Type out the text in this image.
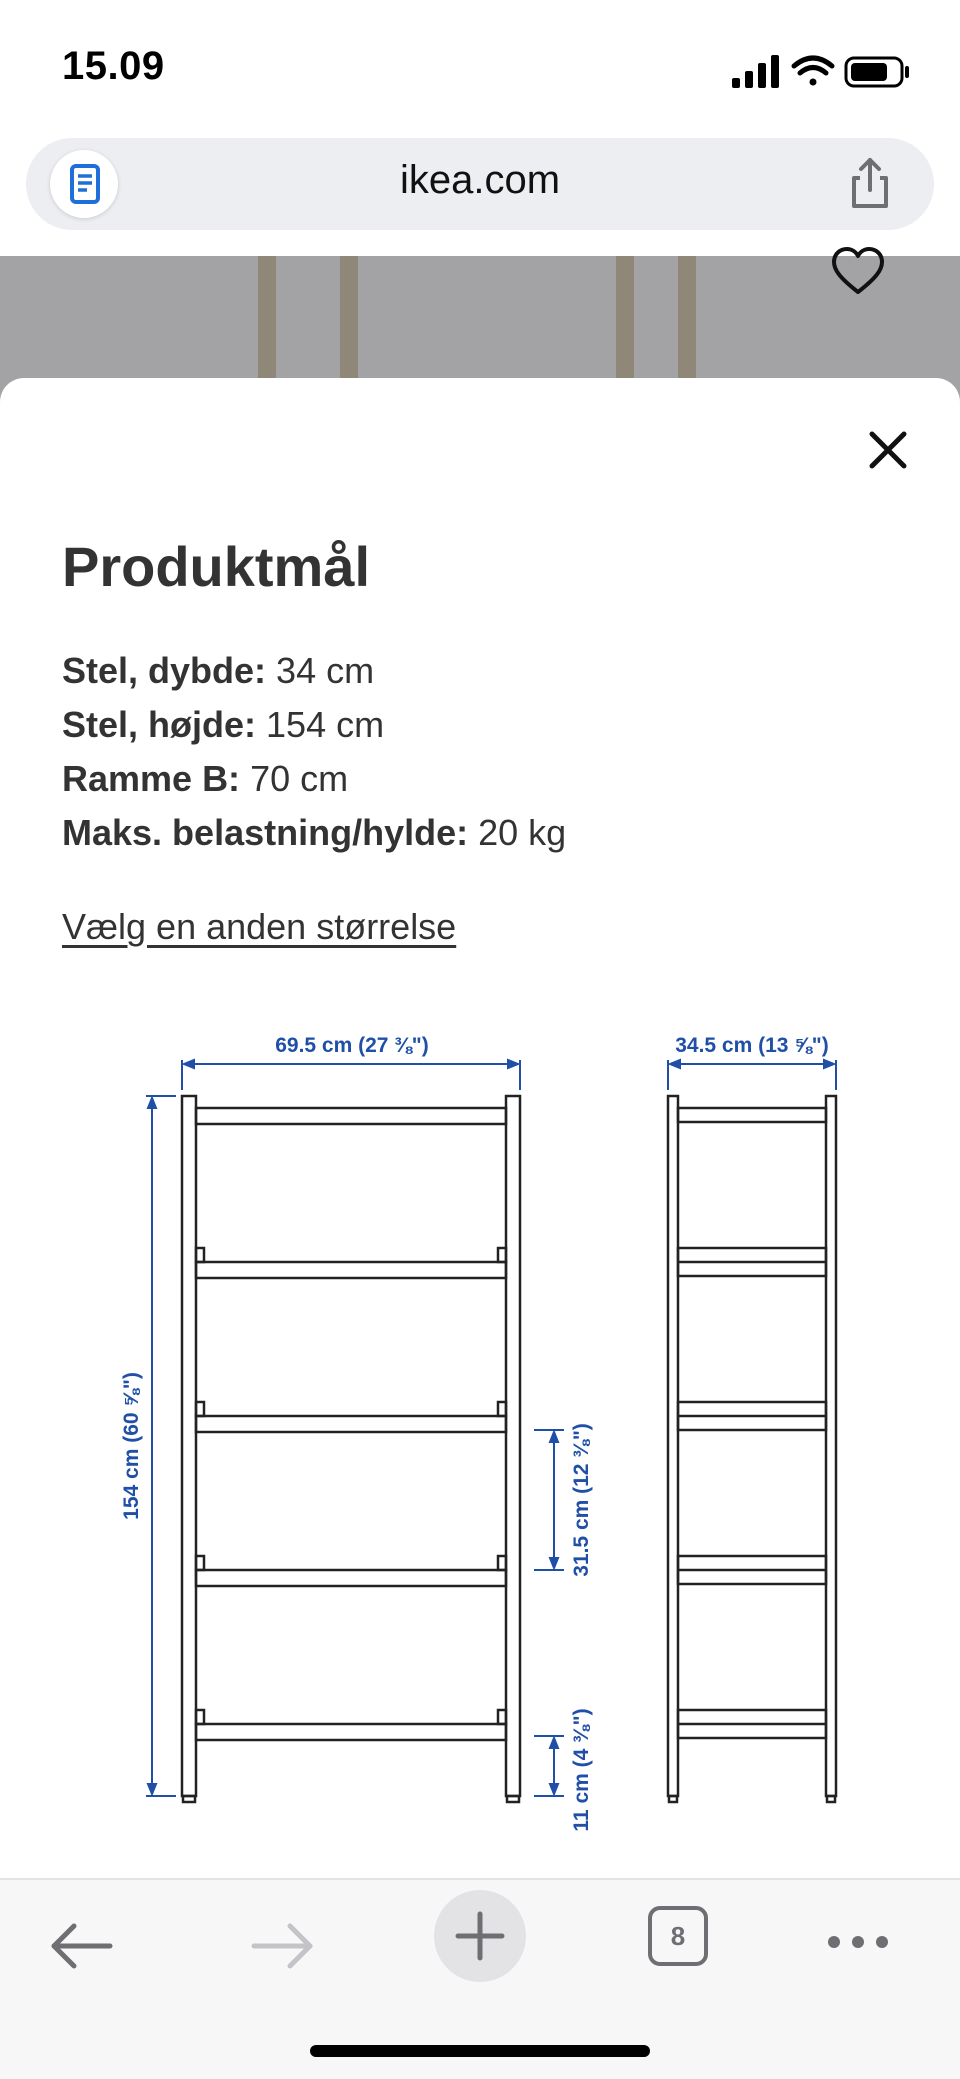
15.09
ikea.com
Produktmål
Stel, dybde: 34 cm
Stel, højde: 154 cm
Ramme B: 70 cm
Maks. belastning/hylde: 20 kg
Vælg en anden størrelse
69.5 cm (27 ⅜")	34.5 cm (13 ⅝")
154 cm (60 ⅝")	31.5 cm (12 ⅜")
11 cm (4 ⅜")
8
